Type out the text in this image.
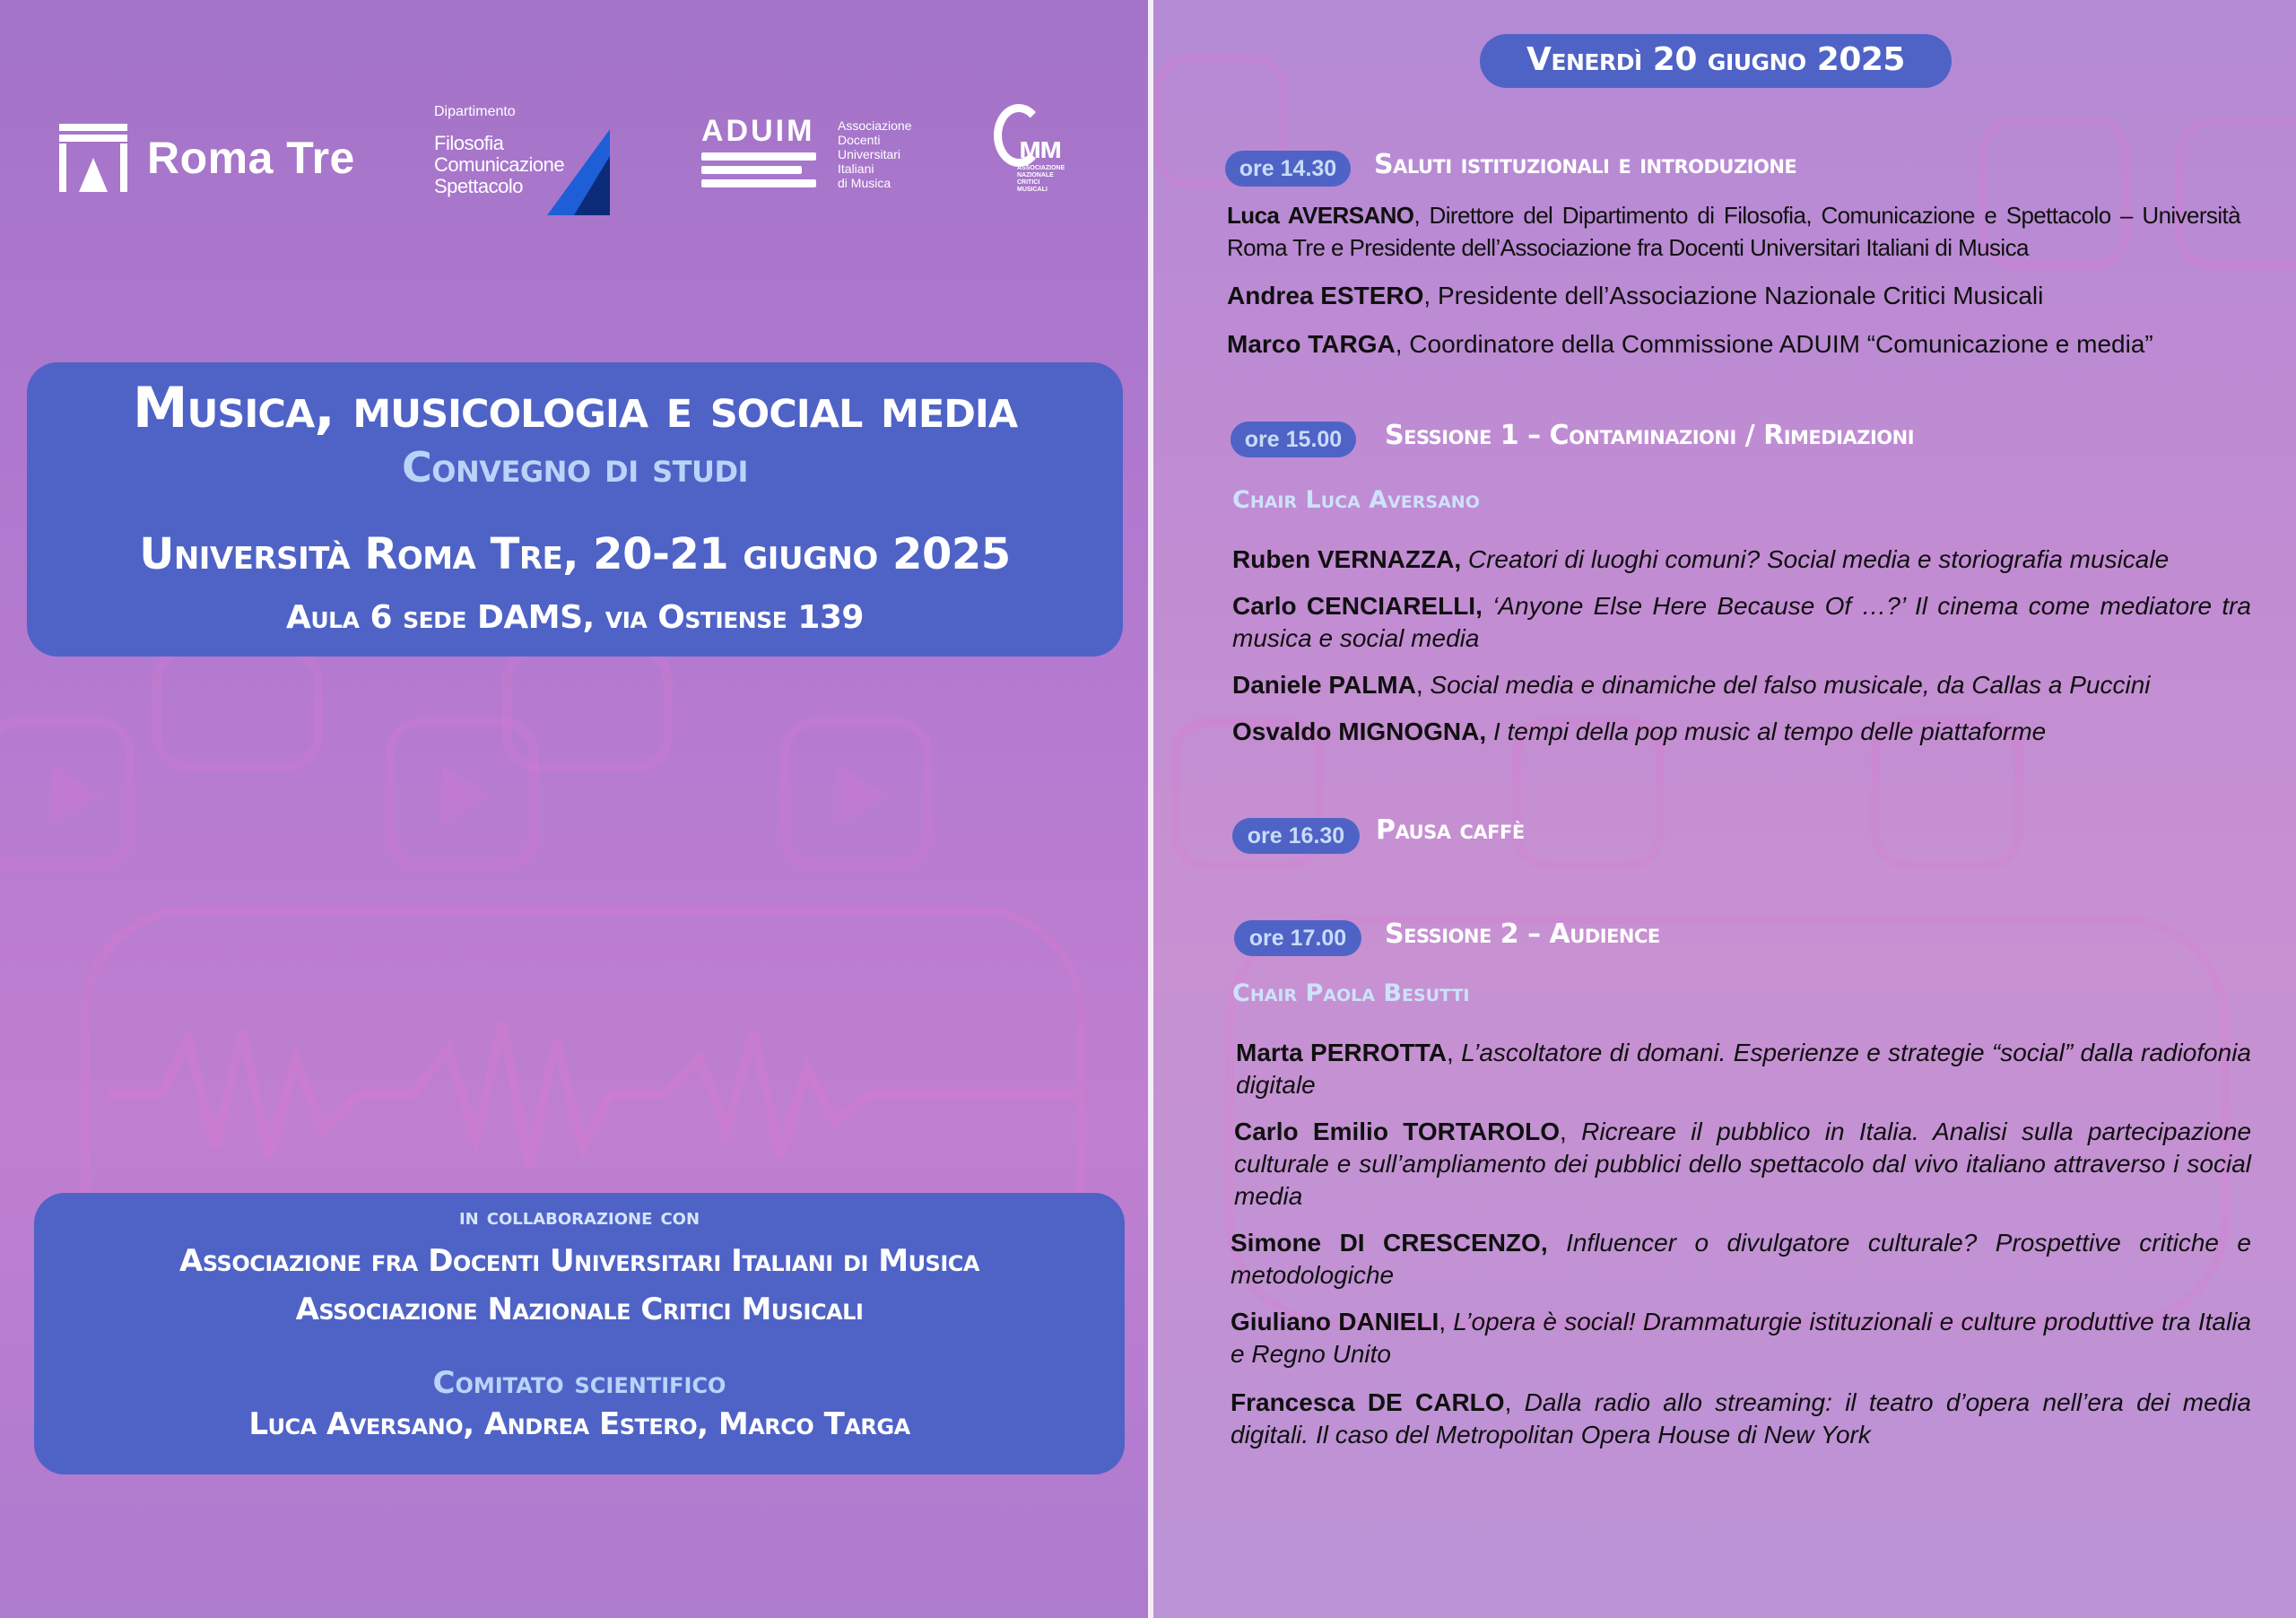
Roma Tre
Dipartimento
Filosofia
Comunicazione
Spettacolo
ADUIM	Associazione
Docenti
Universitari
Italiani
di Musica
ᴍᴍ
ASSOCIAZIONE
NAZIONALE
CRITICI
MUSICALI
Musica, musicologia e social media
Convegno di studi
Università Roma Tre, 20-21 giugno 2025
Aula 6 sede DAMS, via Ostiense 139
in collaborazione con
Associazione fra Docenti Universitari Italiani di Musica
Associazione Nazionale Critici Musicali
Comitato scientifico
Luca Aversano, Andrea Estero, Marco Targa
Venerdì 20 giugno 2025
ore 14.30	Saluti istituzionali e introduzione
Luca AVERSANO, Direttore del Dipartimento di Filosofia, Comunicazione e Spettacolo – Università Roma Tre e Presidente dell’Associazione fra Docenti Universitari Italiani di Musica
Andrea ESTERO, Presidente dell’Associazione Nazionale Critici Musicali
Marco TARGA, Coordinatore della Commissione ADUIM “Comunicazione e media”
ore 15.00	Sessione 1 – Contaminazioni / Rimediazioni
Chair Luca Aversano
Ruben VERNAZZA, Creatori di luoghi comuni? Social media e storiografia musicale
Carlo CENCIARELLI, ‘Anyone Else Here Because Of …?’ Il cinema come mediatore tra musica e social media
Daniele PALMA, Social media e dinamiche del falso musicale, da Callas a Puccini
Osvaldo MIGNOGNA, I tempi della pop music al tempo delle piattaforme
ore 16.30	Pausa caffè
ore 17.00	Sessione 2 – Audience
Chair Paola Besutti
Marta PERROTTA, L’ascoltatore di domani. Esperienze e strategie “social” dalla radiofonia digitale
Carlo Emilio TORTAROLO, Ricreare il pubblico in Italia. Analisi sulla partecipazione culturale e sull’ampliamento dei pubblici dello spettacolo dal vivo italiano attraverso i social media
Simone DI CRESCENZO, Influencer o divulgatore culturale? Prospettive critiche e metodologiche
Giuliano DANIELI, L’opera è social! Drammaturgie istituzionali e culture produttive tra Italia e Regno Unito
Francesca DE CARLO, Dalla radio allo streaming: il teatro d’opera nell’era dei media digitali. Il caso del Metropolitan Opera House di New York
